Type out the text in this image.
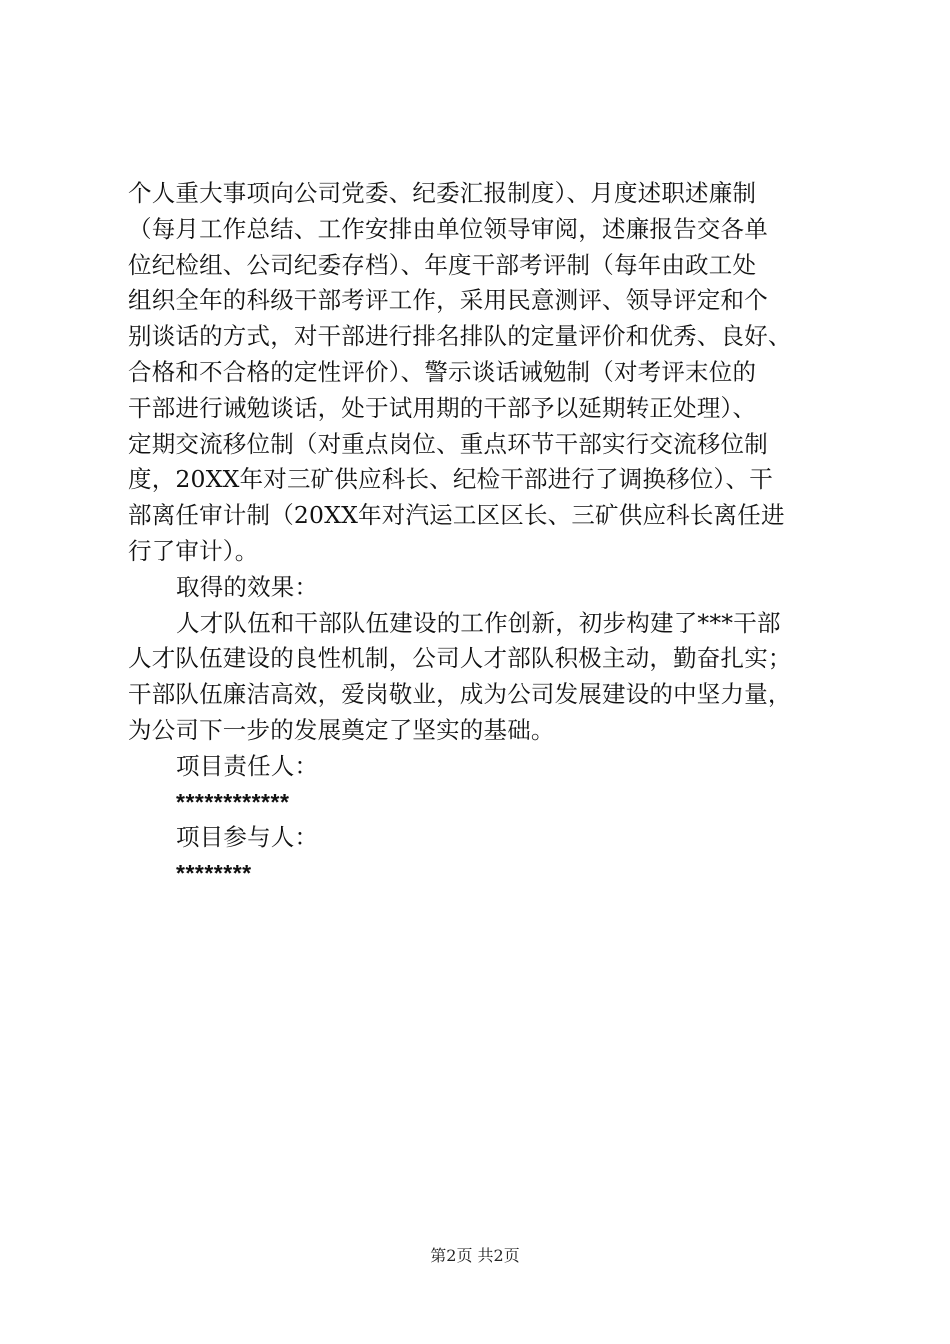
个人重大事项向公司党委、纪委汇报制度）、月度述职述廉制
（每月工作总结、工作安排由单位领导审阅，述廉报告交各单
位纪检组、公司纪委存档）、年度干部考评制（每年由政工处
组织全年的科级干部考评工作，采用民意测评、领导评定和个
别谈话的方式，对干部进行排名排队的定量评价和优秀、良好、
合格和不合格的定性评价）、警示谈话诫勉制（对考评末位的
干部进行诫勉谈话，处于试用期的干部予以延期转正处理）、
定期交流移位制（对重点岗位、重点环节干部实行交流移位制
度，20XX年对三矿供应科长、纪检干部进行了调换移位）、干
部离任审计制（20XX年对汽运工区区长、三矿供应科长离任进
行了审计）。
取得的效果：
人才队伍和干部队伍建设的工作创新，初步构建了***干部
人才队伍建设的良性机制，公司人才部队积极主动，勤奋扎实；
干部队伍廉洁高效，爱岗敬业，成为公司发展建设的中坚力量，
为公司下一步的发展奠定了坚实的基础。
项目责任人：
************
项目参与人：
********
第2页 共2页
